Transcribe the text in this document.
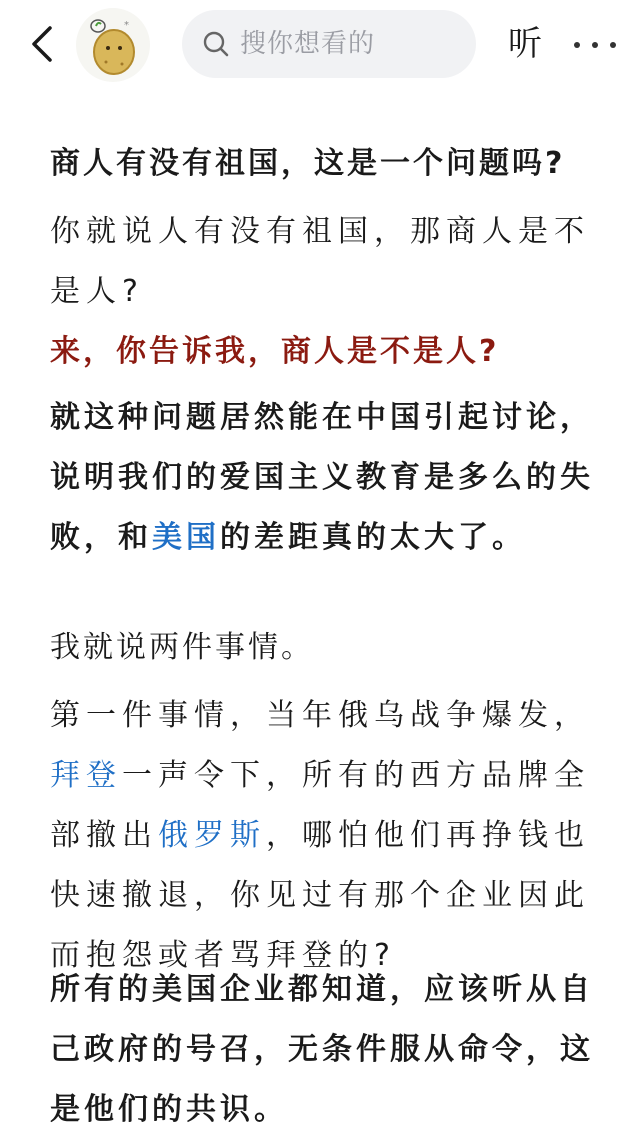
*
搜你想看的	听

商人有没有祖国，这是一个问题吗?

你就说人有没有祖国，那商人是不是人?

来，你告诉我，商人是不是人?

就这种问题居然能在中国引起讨论，说明我们的爱国主义教育是多么的失败，和美国的差距真的太大了。

我就说两件事情。

第一件事情，当年俄乌战争爆发，拜登一声令下，所有的西方品牌全部撤出俄罗斯，哪怕他们再挣钱也快速撤退，你见过有那个企业因此而抱怨或者骂拜登的?

所有的美国企业都知道，应该听从自己政府的号召，无条件服从命令，这是他们的共识。
